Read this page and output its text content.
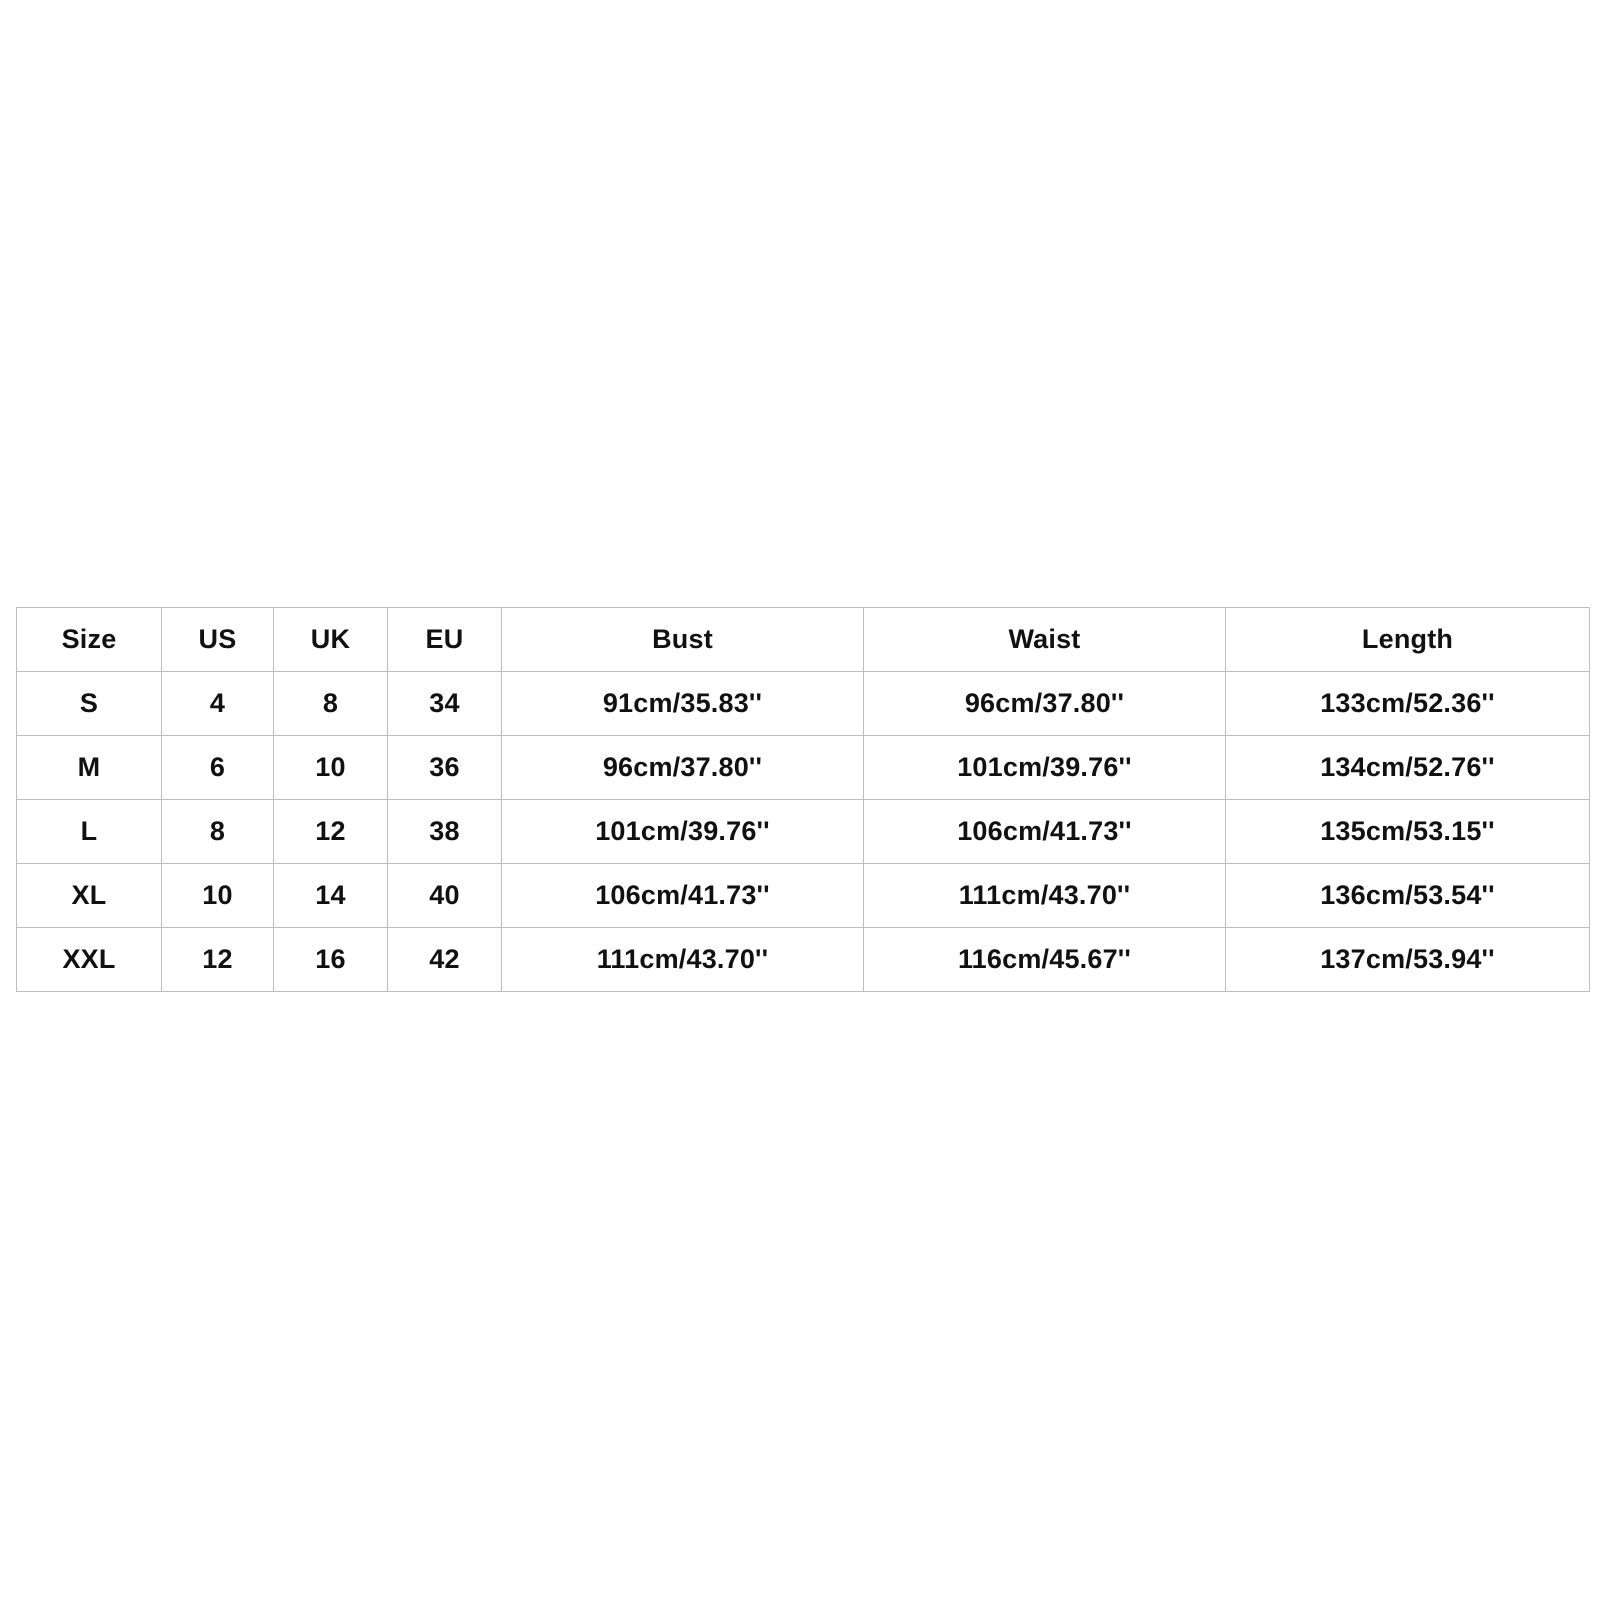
Size	US	UK	EU	Bust	Waist	Length
S	4	8	34	91cm/35.83''	96cm/37.80''	133cm/52.36''
M	6	10	36	96cm/37.80''	101cm/39.76''	134cm/52.76''
L	8	12	38	101cm/39.76''	106cm/41.73''	135cm/53.15''
XL	10	14	40	106cm/41.73''	111cm/43.70''	136cm/53.54''
XXL	12	16	42	111cm/43.70''	116cm/45.67''	137cm/53.94''
